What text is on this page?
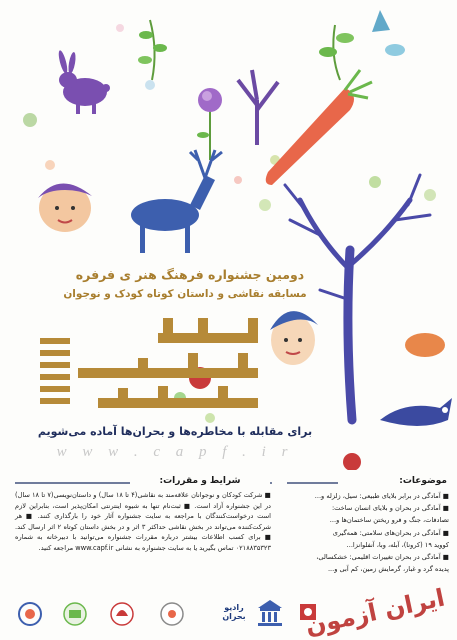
دومین جشنواره فرهنگ هنر ی فرفره
مسابقه نقاشی و داستان کوتاه کودک و نوجوان
برای مقابله با مخاطره‌ها و بحران‌ها آماده می‌شویم
w w w . c a p f . i r
شرایط و مقررات:	موضوعات:

■ شرکت کودکان و نوجوانان علاقه‌مند به نقاشی(۴ تا ۱۸ سال) و داستان‌نویسی(۷ تا ۱۸ سال) در این جشنواره آزاد است. ■ ثبت‌نام تنها به شیوه اینترنتی امکان‌پذیر است، بنابراین لازم است درخواست‌کنندگان با مراجعه به سایت جشنواره آثار خود را بارگذاری کنند. ■ هر شرکت‌کننده می‌تواند در بخش نقاشی حداکثر ۳ اثر و در بخش داستان کوتاه ۲ اثر ارسال کند. ■ برای کسب اطلاعات بیشتر درباره مقررات جشنواره می‌توانید با دبیرخانه به شماره ۰۲۱۸۸۳۵۳۲۳ تماس بگیرید یا به سایت جشنواره به نشانی www.capf.ir مراجعه کنید.

■ آمادگی در برابر بلایای طبیعی: سیل، زلزله و...
■ آمادگی در بحران و بلایای انسان ساخت:
تصادفات، جنگ و فرو ریختن ساختمان‌ها و...
■ آمادگی در بحران‌های سلامتی: همه‌گیری
کووید ۱۹ (کرونا)، آبله، وبا، آنفلوانزا...
■ آمادگی در بحران تغییرات اقلیمی: خشکسالی،
پدیده گرد و غبار، گرمایش زمین، کم آبی و...
رادیو
بحران	ایران آزمون
